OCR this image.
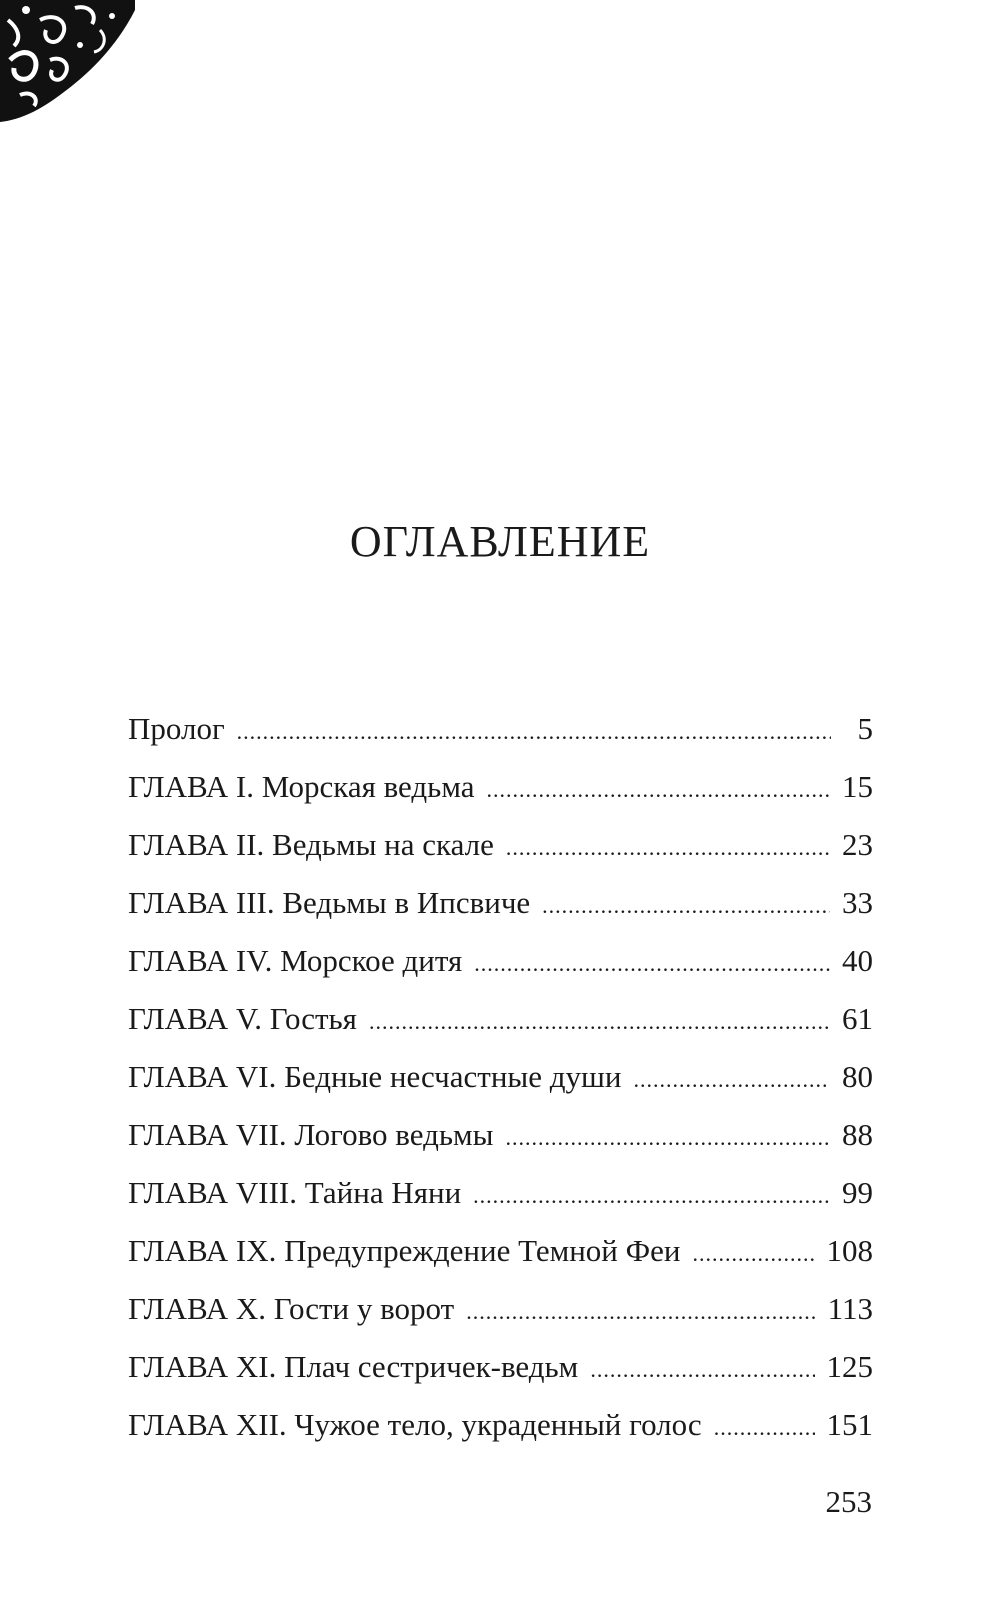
ОГЛАВЛЕНИЕ
Пролог .....	5
ГЛАВА I. Морская ведьма .....	15
ГЛАВА II. Ведьмы на скале .....	23
ГЛАВА III. Ведьмы в Ипсвиче .....	33
ГЛАВА IV. Морское дитя .....	40
ГЛАВА V. Гостья .....	61
ГЛАВА VI. Бедные несчастные души .....	80
ГЛАВА VII. Логово ведьмы .....	88
ГЛАВА VIII. Тайна Няни .....	99
ГЛАВА IX. Предупреждение Темной Феи .....	108
ГЛАВА X. Гости у ворот .....	113
ГЛАВА XI. Плач сестричек-ведьм .....	125
ГЛАВА XII. Чужое тело, украденный голос .....	151
253
